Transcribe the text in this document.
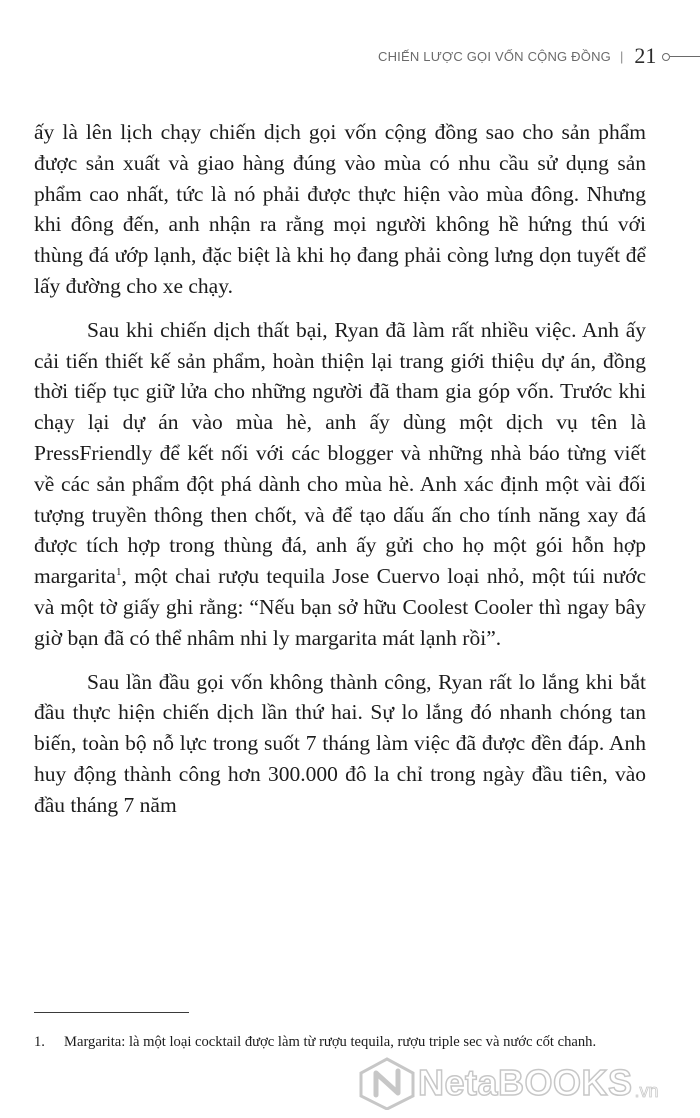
CHIẾN LƯỢC GỌI VỐN CỘNG ĐỒNG | 21

ấy là lên lịch chạy chiến dịch gọi vốn cộng đồng sao cho sản phẩm được sản xuất và giao hàng đúng vào mùa có nhu cầu sử dụng sản phẩm cao nhất, tức là nó phải được thực hiện vào mùa đông. Nhưng khi đông đến, anh nhận ra rằng mọi người không hề hứng thú với thùng đá ướp lạnh, đặc biệt là khi họ đang phải còng lưng dọn tuyết để lấy đường cho xe chạy.

Sau khi chiến dịch thất bại, Ryan đã làm rất nhiều việc. Anh ấy cải tiến thiết kế sản phẩm, hoàn thiện lại trang giới thiệu dự án, đồng thời tiếp tục giữ lửa cho những người đã tham gia góp vốn. Trước khi chạy lại dự án vào mùa hè, anh ấy dùng một dịch vụ tên là PressFriendly để kết nối với các blogger và những nhà báo từng viết về các sản phẩm đột phá dành cho mùa hè. Anh xác định một vài đối tượng truyền thông then chốt, và để tạo dấu ấn cho tính năng xay đá được tích hợp trong thùng đá, anh ấy gửi cho họ một gói hỗn hợp margarita$^1$, một chai rượu tequila Jose Cuervo loại nhỏ, một túi nước và một tờ giấy ghi rằng: “Nếu bạn sở hữu Coolest Cooler thì ngay bây giờ bạn đã có thể nhâm nhi ly margarita mát lạnh rồi”.

Sau lần đầu gọi vốn không thành công, Ryan rất lo lắng khi bắt đầu thực hiện chiến dịch lần thứ hai. Sự lo lắng đó nhanh chóng tan biến, toàn bộ nỗ lực trong suốt 7 tháng làm việc đã được đền đáp. Anh huy động thành công hơn 300.000 đô la chỉ trong ngày đầu tiên, vào đầu tháng 7 năm

1.	Margarita: là một loại cocktail được làm từ rượu tequila, rượu triple sec và nước cốt chanh.
NetaBOOKS .vn
